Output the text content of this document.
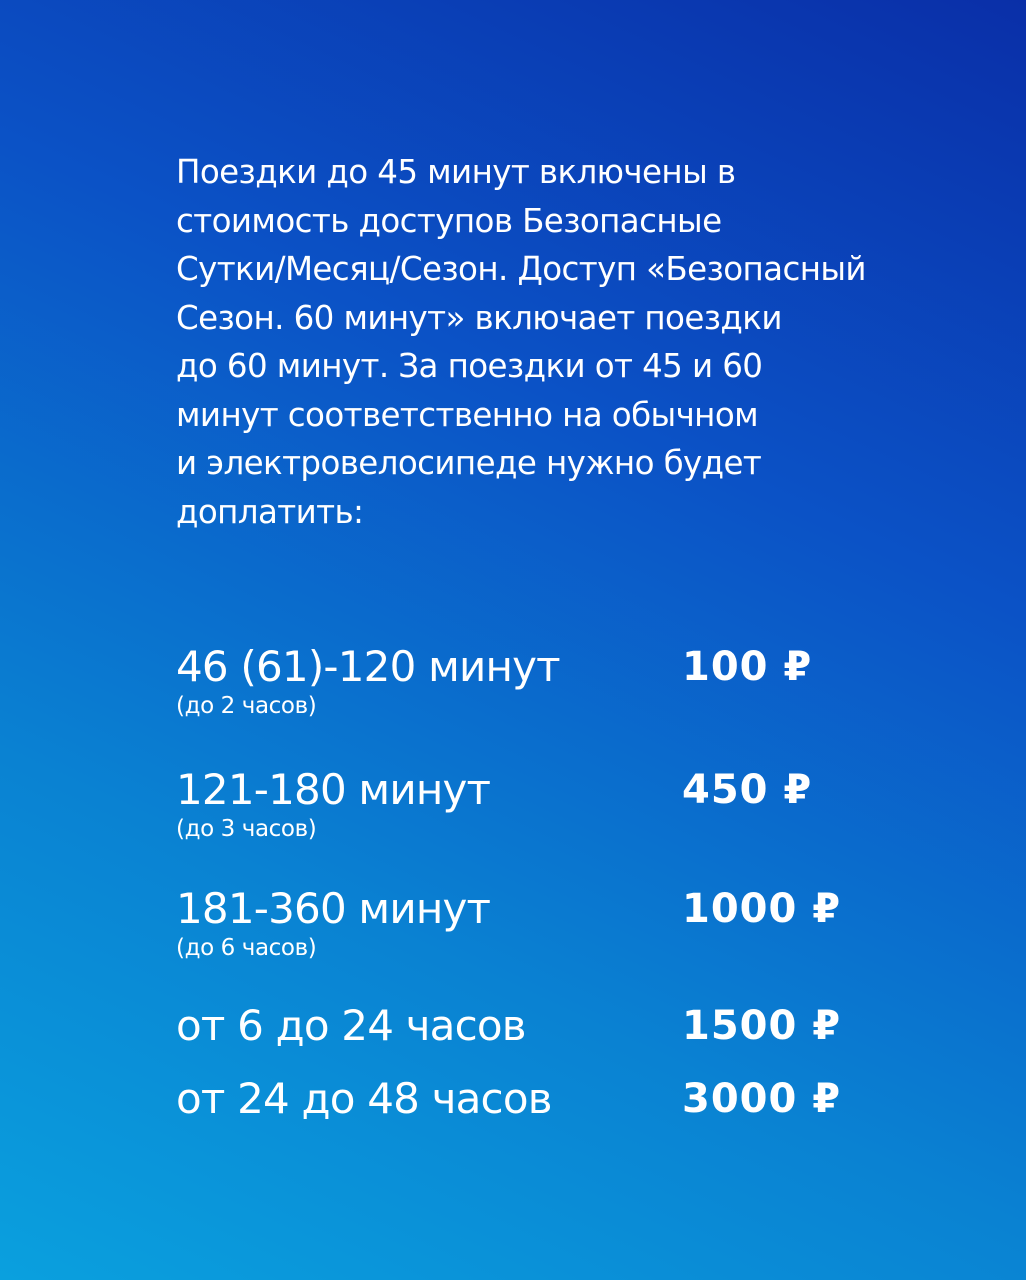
Поездки до 45 минут включены в
стоимость доступов Безопасные
Сутки/Месяц/Сезон. Доступ «Безопасный
Сезон. 60 минут» включает поездки
до 60 минут. За поездки от 45 и 60
минут соответственно на обычном
и электровелосипеде нужно будет
доплатить:

46 (61)-120 минут
(до 2 часов)
100 ₽
121-180 минут
(до 3 часов)
450 ₽
181-360 минут
(до 6 часов)
1000 ₽
от 6 до 24 часов	1500 ₽
от 24 до 48 часов	3000 ₽
